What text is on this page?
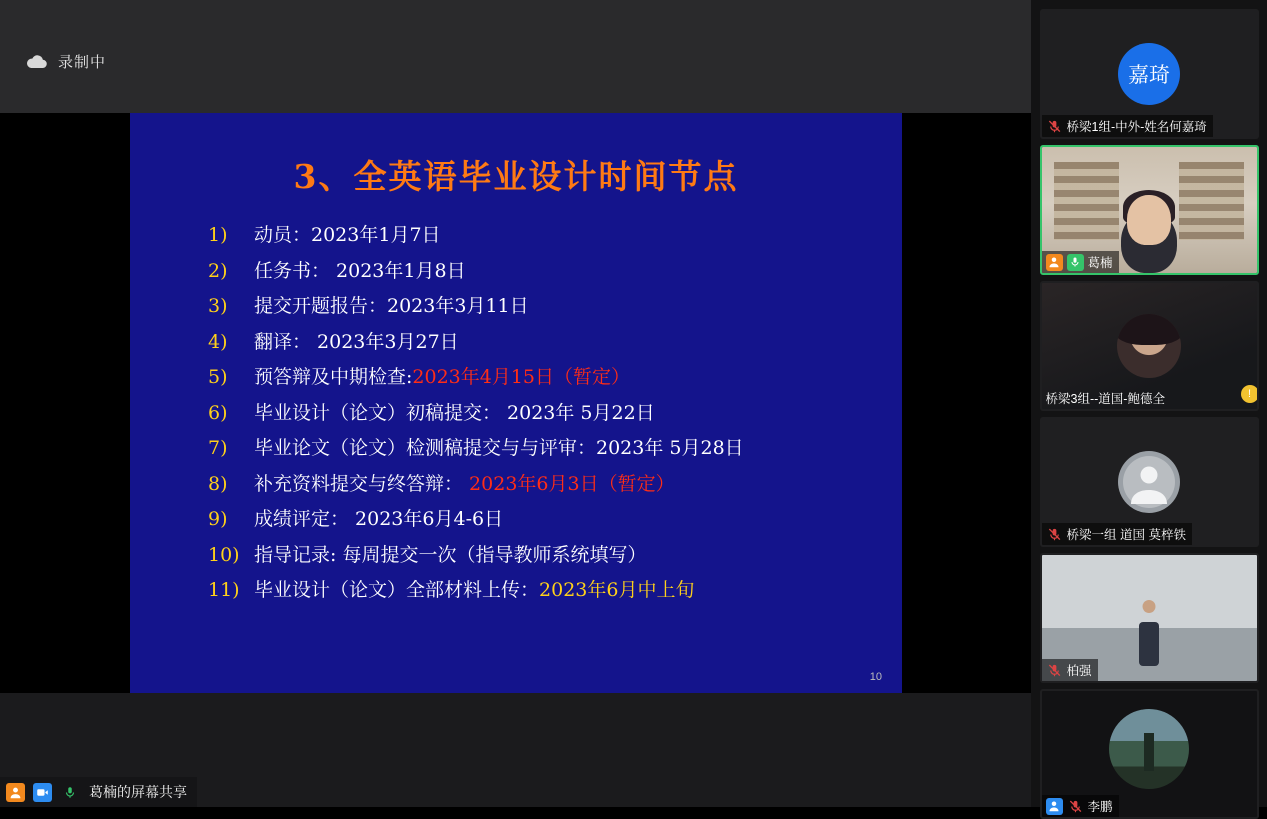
录制中
3、全英语毕业设计时间节点
1)	动员：2023年1月7日
2)	任务书： 2023年1月8日
3)	提交开题报告：2023年3月11日
4)	翻译： 2023年3月27日
5)	预答辩及中期检查:2023年4月15日（暂定）
6)	毕业设计（论文）初稿提交： 2023年 5月22日
7)	毕业论文（论文）检测稿提交与与评审：2023年 5月28日
8)	补充资料提交与终答辩： 2023年6月3日（暂定）
9)	成绩评定： 2023年6月4-6日
10) 指导记录: 每周提交一次（指导教师系统填写）
11) 毕业设计（论文）全部材料上传：2023年6月中上旬
10
葛楠的屏幕共享
嘉琦
桥梁1组-中外-姓名何嘉琦
葛楠
!
桥梁3组--道国-鲍德全
桥梁一组 道国 莫梓铁
柏强
李鹏
